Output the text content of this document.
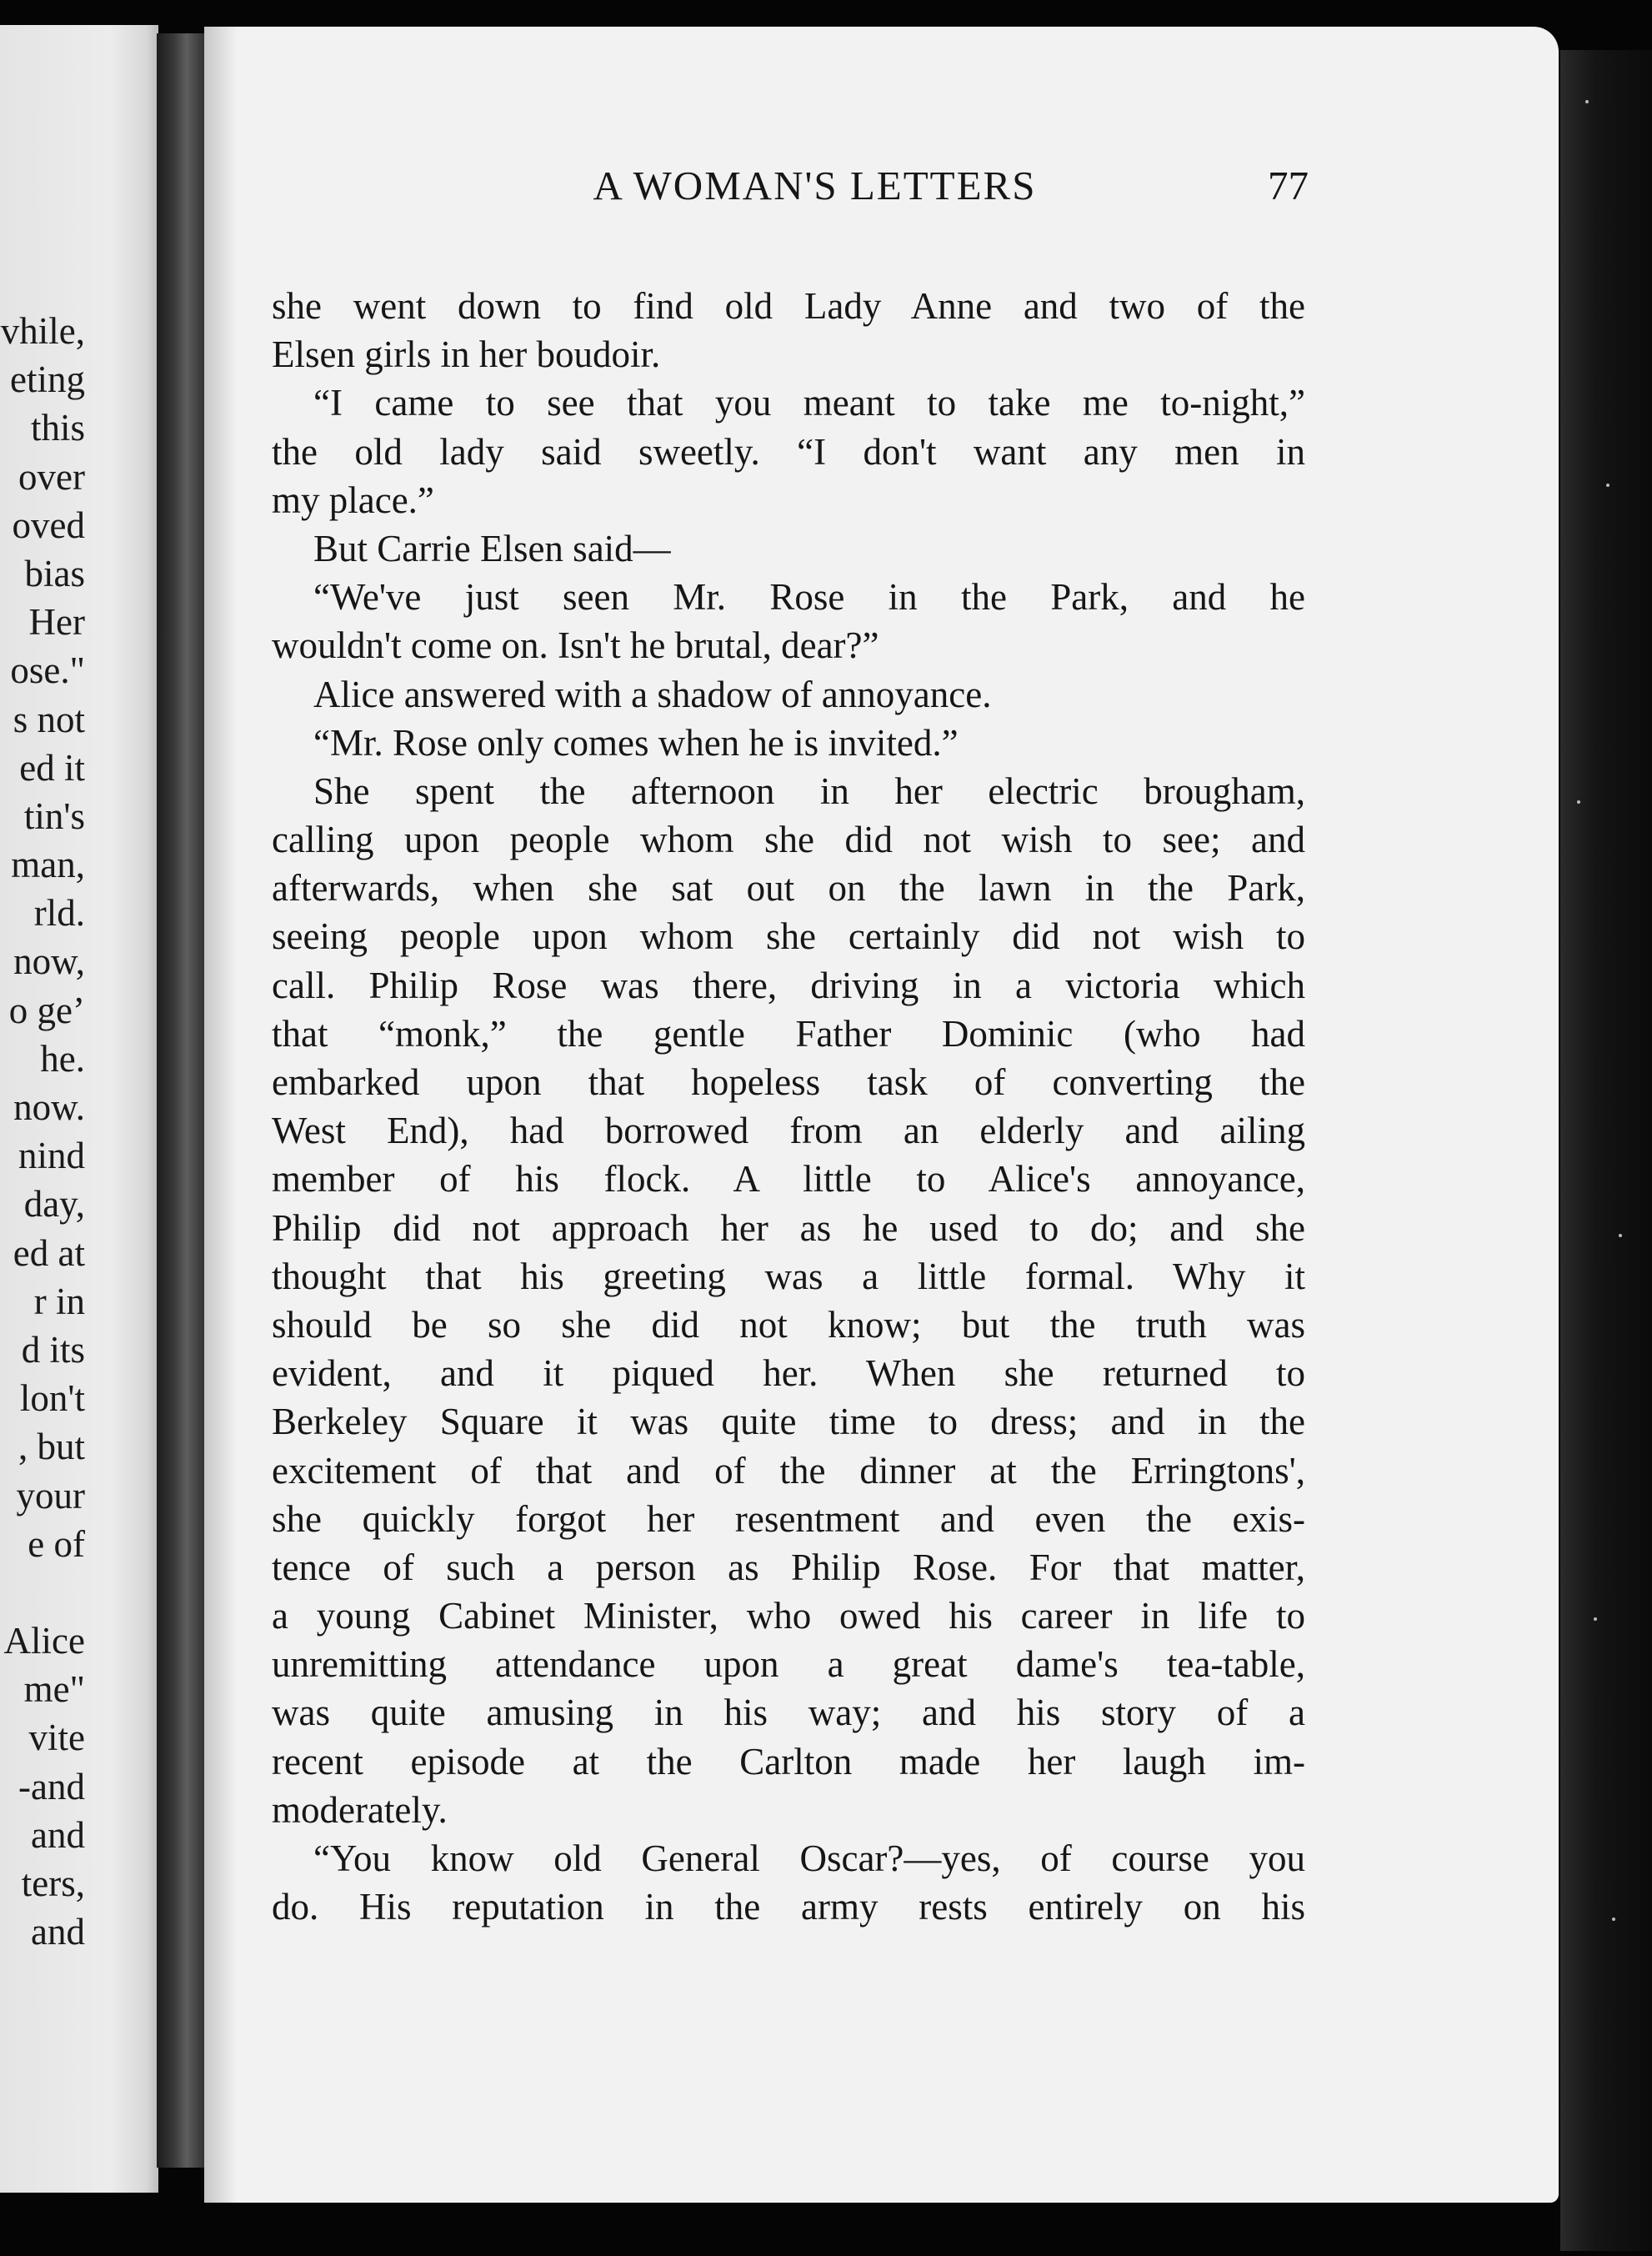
vhile,
eting
this
over
oved
bias
Her
ose."
s not
ed it
tin's
man,
rld.
now,
o ge’
he.
now.
nind
day,
ed at
r in
d its
lon't
, but
your
e of
Alice
me"
vite
-and
and
ters,
and
A WOMAN'S LETTERS	77
she went down to find old Lady Anne and two of the
Elsen girls in her boudoir.
“I came to see that you meant to take me to-night,”
the old lady said sweetly. “I don't want any men in
my place.”
But Carrie Elsen said—
“We've just seen Mr. Rose in the Park, and he
wouldn't come on. Isn't he brutal, dear?”
Alice answered with a shadow of annoyance.
“Mr. Rose only comes when he is invited.”
She spent the afternoon in her electric brougham,
calling upon people whom she did not wish to see; and
afterwards, when she sat out on the lawn in the Park,
seeing people upon whom she certainly did not wish to
call. Philip Rose was there, driving in a victoria which
that “monk,” the gentle Father Dominic (who had
embarked upon that hopeless task of converting the
West End), had borrowed from an elderly and ailing
member of his flock. A little to Alice's annoyance,
Philip did not approach her as he used to do; and she
thought that his greeting was a little formal. Why it
should be so she did not know; but the truth was
evident, and it piqued her. When she returned to
Berkeley Square it was quite time to dress; and in the
excitement of that and of the dinner at the Erringtons',
she quickly forgot her resentment and even the exis-
tence of such a person as Philip Rose. For that matter,
a young Cabinet Minister, who owed his career in life to
unremitting attendance upon a great dame's tea-table,
was quite amusing in his way; and his story of a
recent episode at the Carlton made her laugh im-
moderately.
“You know old General Oscar?—yes, of course you
do. His reputation in the army rests entirely on his
